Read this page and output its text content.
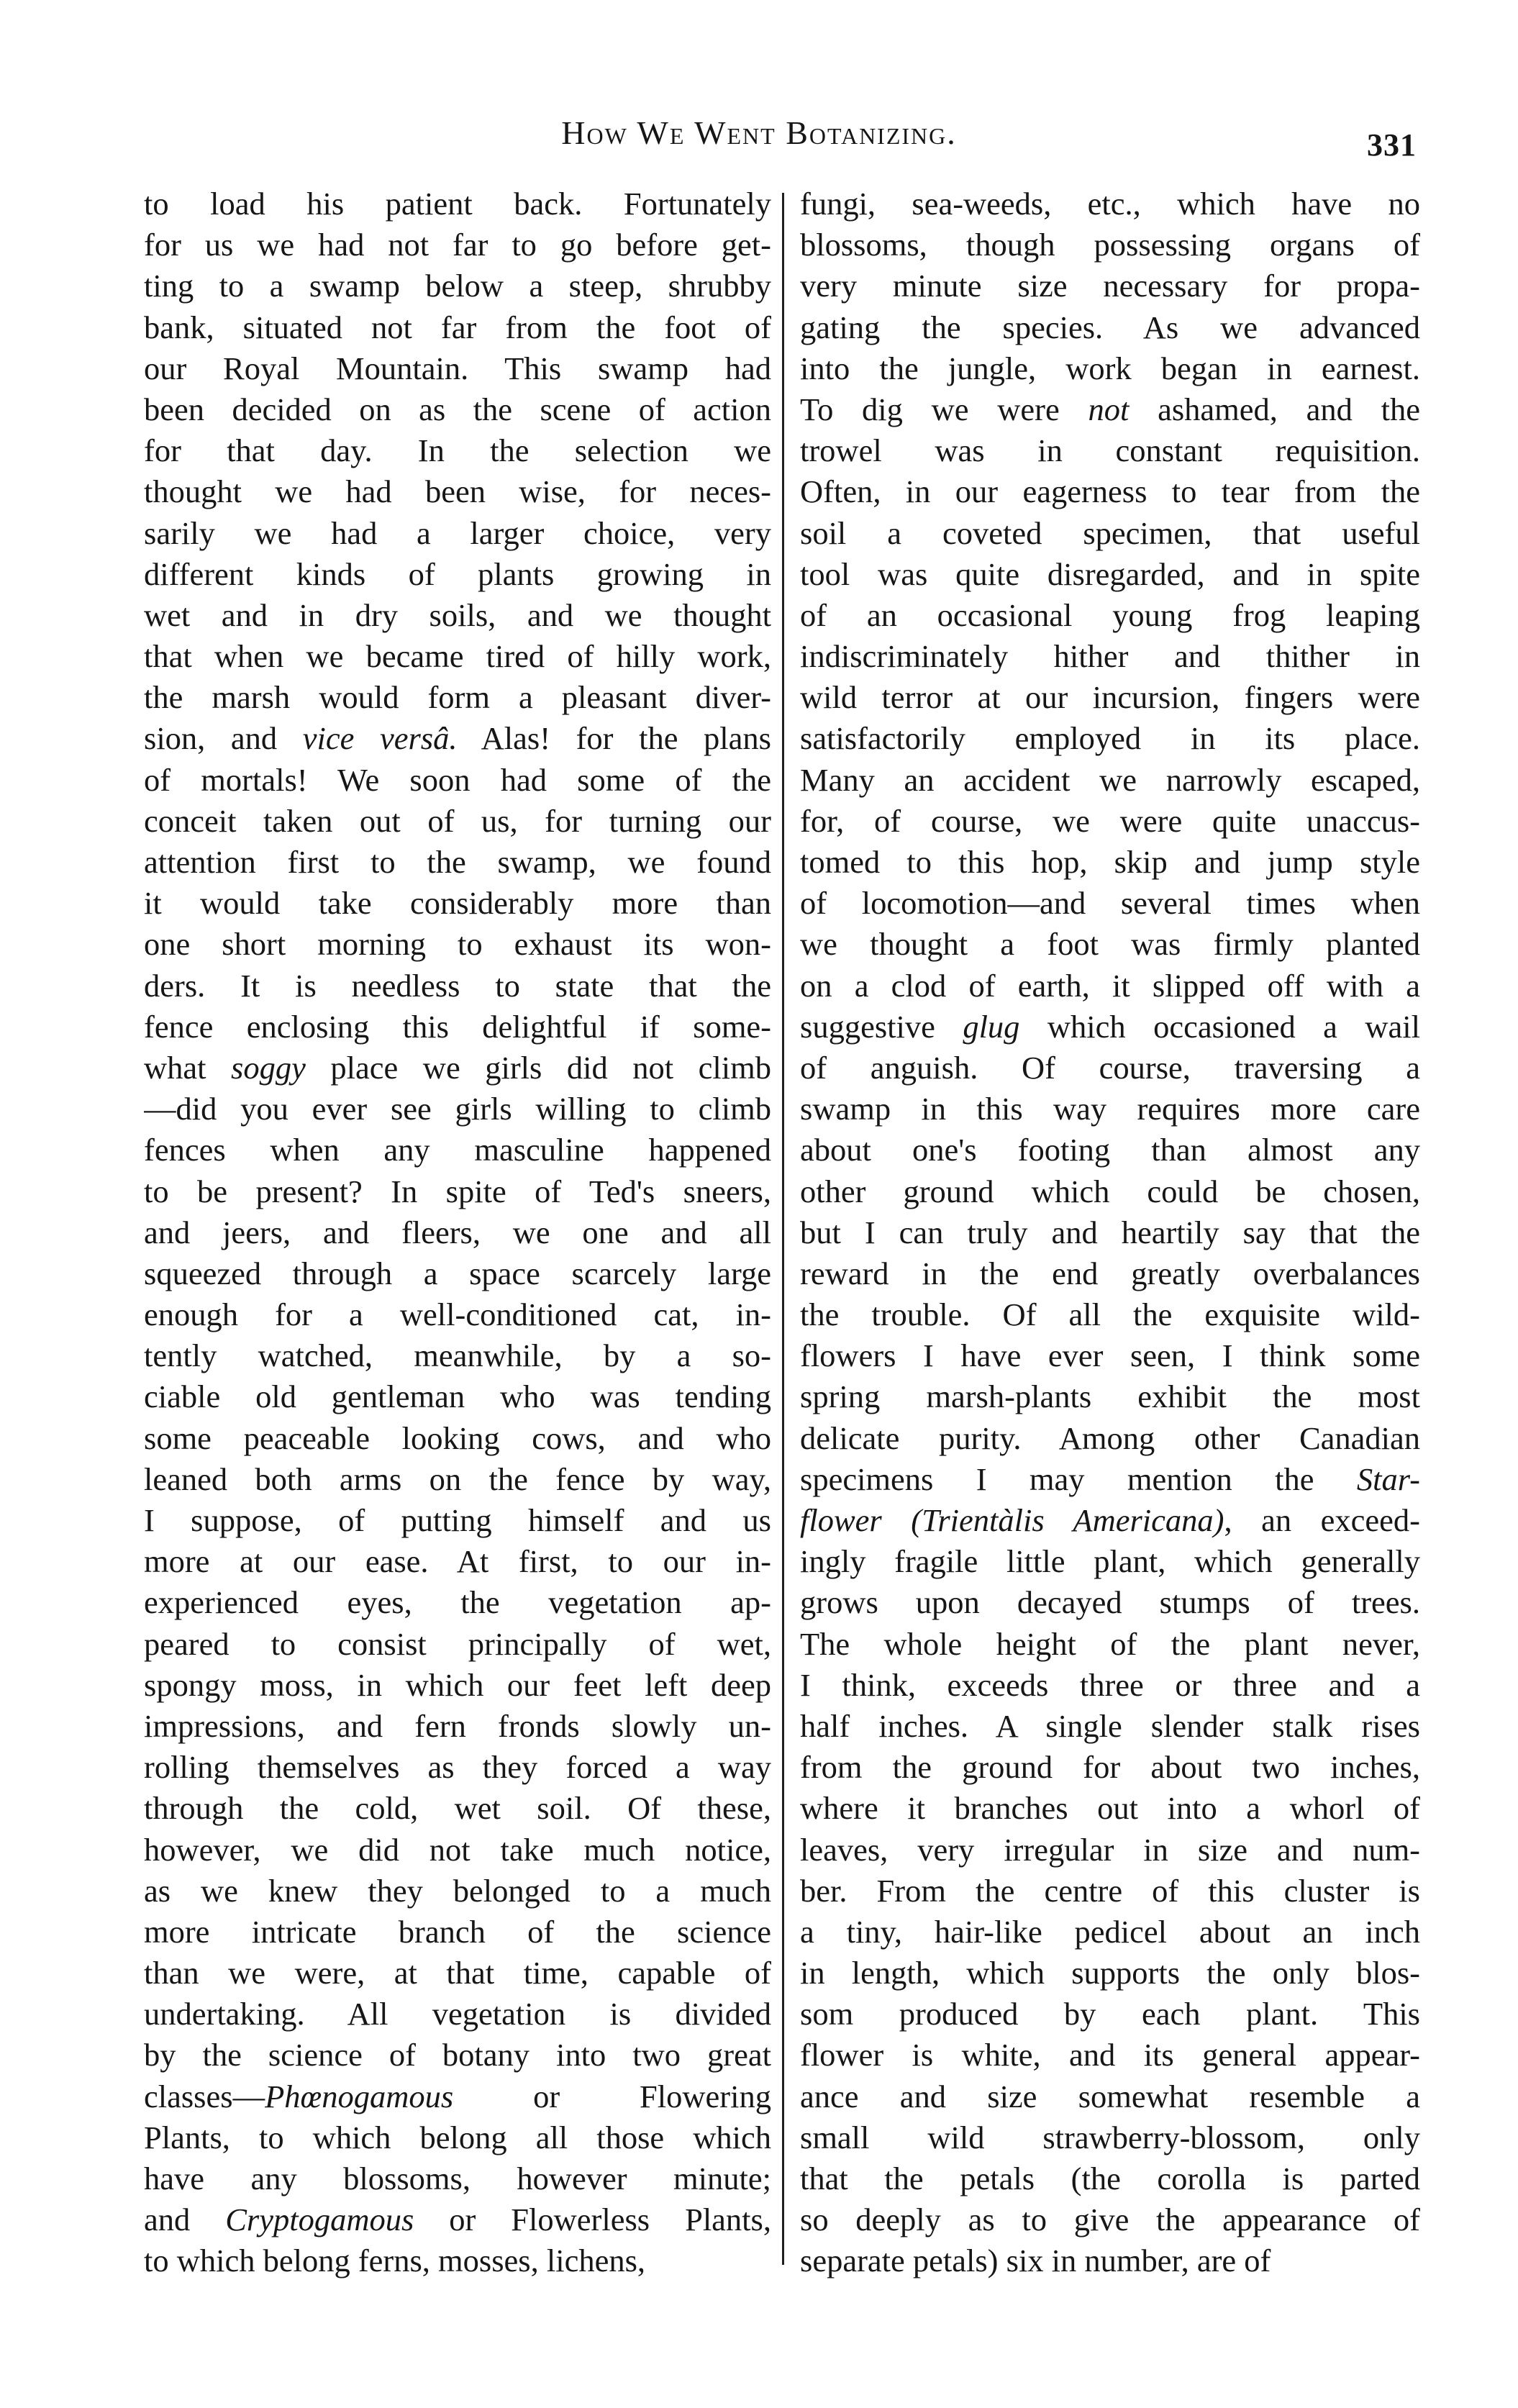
How We Went Botanizing.	331
to load his patient back. Fortunately
for us we had not far to go before get-
ting to a swamp below a steep, shrubby
bank, situated not far from the foot of
our Royal Mountain. This swamp had
been decided on as the scene of action
for that day. In the selection we
thought we had been wise, for neces-
sarily we had a larger choice, very
different kinds of plants growing in
wet and in dry soils, and we thought
that when we became tired of hilly work,
the marsh would form a pleasant diver-
sion, and vice versâ. Alas! for the plans
of mortals! We soon had some of the
conceit taken out of us, for turning our
attention first to the swamp, we found
it would take considerably more than
one short morning to exhaust its won-
ders. It is needless to state that the
fence enclosing this delightful if some-
what soggy place we girls did not climb
—did you ever see girls willing to climb
fences when any masculine happened
to be present? In spite of Ted's sneers,
and jeers, and fleers, we one and all
squeezed through a space scarcely large
enough for a well-conditioned cat, in-
tently watched, meanwhile, by a so-
ciable old gentleman who was tending
some peaceable looking cows, and who
leaned both arms on the fence by way,
I suppose, of putting himself and us
more at our ease. At first, to our in-
experienced eyes, the vegetation ap-
peared to consist principally of wet,
spongy moss, in which our feet left deep
impressions, and fern fronds slowly un-
rolling themselves as they forced a way
through the cold, wet soil. Of these,
however, we did not take much notice,
as we knew they belonged to a much
more intricate branch of the science
than we were, at that time, capable of
undertaking. All vegetation is divided
by the science of botany into two great
classes—Phœnogamous or Flowering
Plants, to which belong all those which
have any blossoms, however minute;
and Cryptogamous or Flowerless Plants,
to which belong ferns, mosses, lichens,
fungi, sea-weeds, etc., which have no
blossoms, though possessing organs of
very minute size necessary for propa-
gating the species. As we advanced
into the jungle, work began in earnest.
To dig we were not ashamed, and the
trowel was in constant requisition.
Often, in our eagerness to tear from the
soil a coveted specimen, that useful
tool was quite disregarded, and in spite
of an occasional young frog leaping
indiscriminately hither and thither in
wild terror at our incursion, fingers were
satisfactorily employed in its place.
Many an accident we narrowly escaped,
for, of course, we were quite unaccus-
tomed to this hop, skip and jump style
of locomotion—and several times when
we thought a foot was firmly planted
on a clod of earth, it slipped off with a
suggestive glug which occasioned a wail
of anguish. Of course, traversing a
swamp in this way requires more care
about one's footing than almost any
other ground which could be chosen,
but I can truly and heartily say that the
reward in the end greatly overbalances
the trouble. Of all the exquisite wild-
flowers I have ever seen, I think some
spring marsh-plants exhibit the most
delicate purity. Among other Canadian
specimens I may mention the Star-
flower (Trientàlis Americana), an exceed-
ingly fragile little plant, which generally
grows upon decayed stumps of trees.
The whole height of the plant never,
I think, exceeds three or three and a
half inches. A single slender stalk rises
from the ground for about two inches,
where it branches out into a whorl of
leaves, very irregular in size and num-
ber. From the centre of this cluster is
a tiny, hair-like pedicel about an inch
in length, which supports the only blos-
som produced by each plant. This
flower is white, and its general appear-
ance and size somewhat resemble a
small wild strawberry-blossom, only
that the petals (the corolla is parted
so deeply as to give the appearance of
separate petals) six in number, are of
